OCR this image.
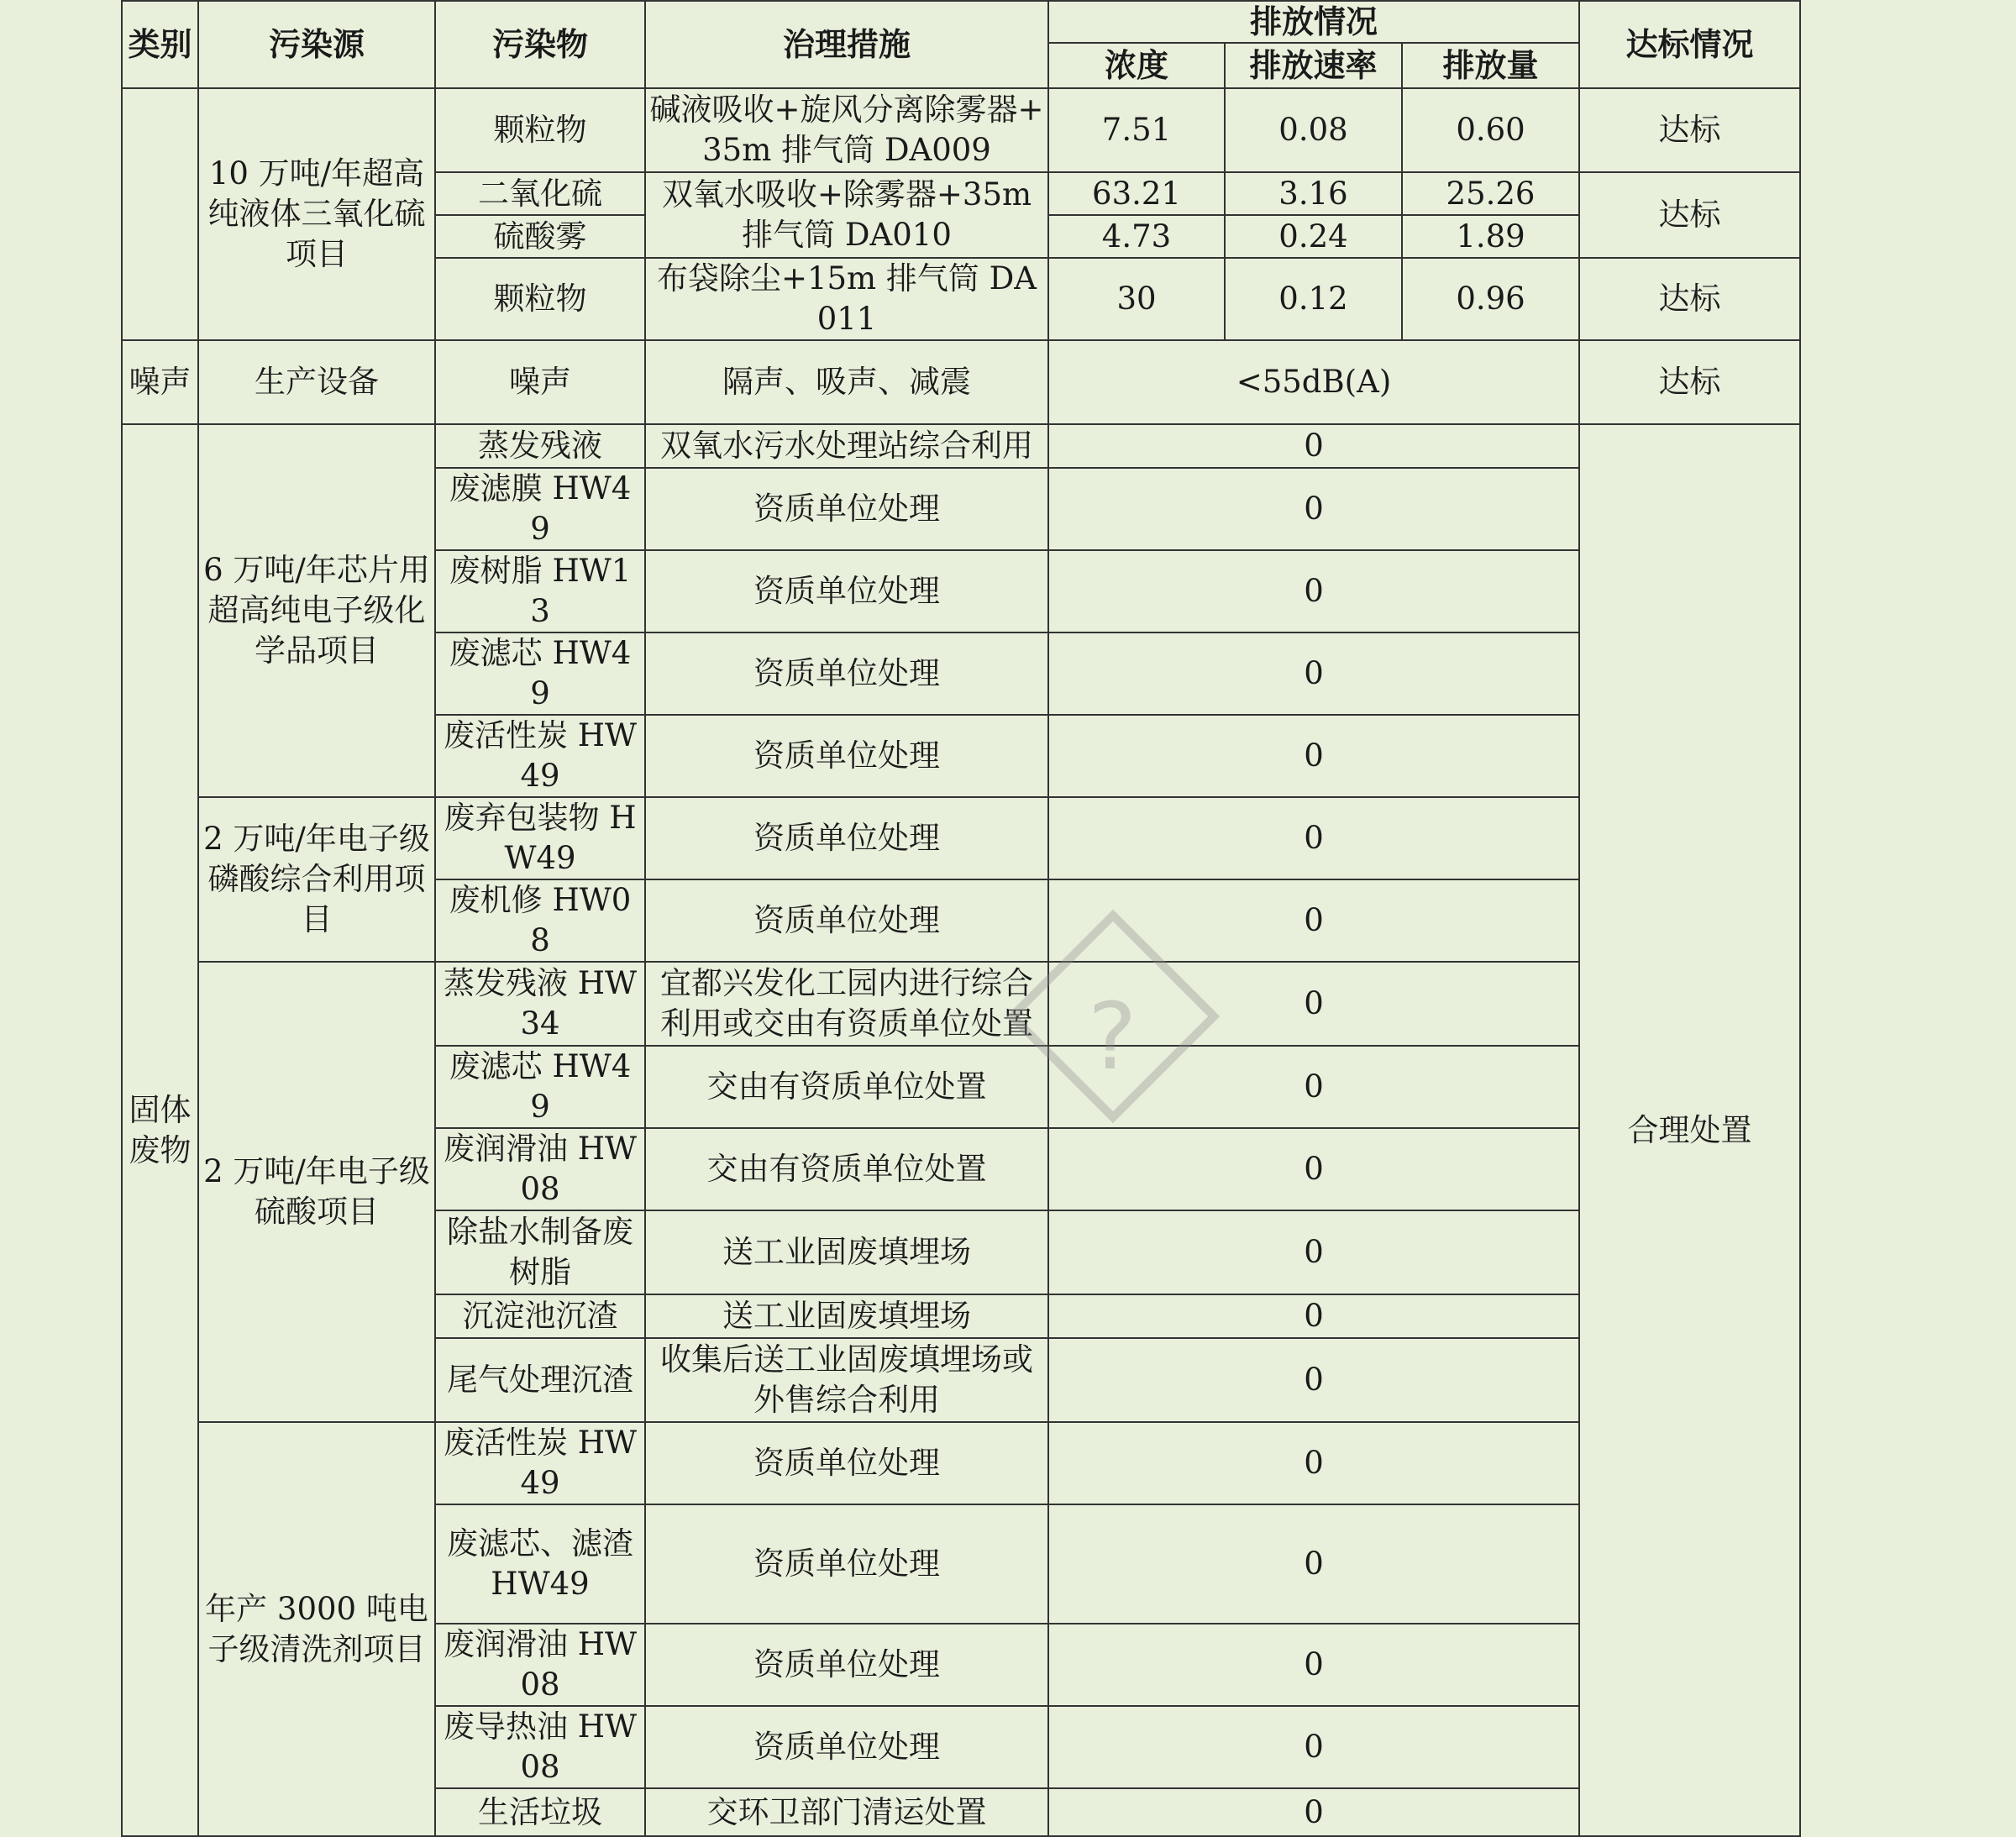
类别	污染源	污染物	治理措施	排放情况			达标情况
				浓度	排放速率	排放量	
	10 万吨/年超高纯液体三氧化硫项目	颗粒物	碱液吸收+旋风分离除雾器+35m 排气筒 DA009	7.51	0.08	0.60	达标
		二氧化硫	双氧水吸收+除雾器+35m 排气筒 DA010	63.21	3.16	25.26	达标
		硫酸雾		4.73	0.24	1.89	
		颗粒物	布袋除尘+15m 排气筒 DA011	30	0.12	0.96	达标
噪声	生产设备	噪声	隔声、吸声、减震	<55dB(A)			达标
固体废物	6 万吨/年芯片用超高纯电子级化学品项目	蒸发残液	双氧水污水处理站综合利用	0			合理处置
		废滤膜 HW49	资质单位处理	0			
		废树脂 HW13	资质单位处理	0			
		废滤芯 HW49	资质单位处理	0			
		废活性炭 HW49	资质单位处理	0			
	2 万吨/年电子级磷酸综合利用项目	废弃包装物 HW49	资质单位处理	0			
		废机修 HW08	资质单位处理	0			
	2 万吨/年电子级硫酸项目	蒸发残液 HW34	宜都兴发化工园内进行综合利用或交由有资质单位处置	0			
		废滤芯 HW49	交由有资质单位处置	0			
		废润滑油 HW08	交由有资质单位处置	0			
		除盐水制备废树脂	送工业固废填埋场	0			
		沉淀池沉渣	送工业固废填埋场	0			
		尾气处理沉渣	收集后送工业固废填埋场或外售综合利用	0			
	年产 3000 吨电子级清洗剂项目	废活性炭 HW49	资质单位处理	0			
		废滤芯、滤渣 HW49	资质单位处理	0			
		废润滑油 HW08	资质单位处理	0			
		废导热油 HW08	资质单位处理	0			
		生活垃圾	交环卫部门清运处置	0			
?
